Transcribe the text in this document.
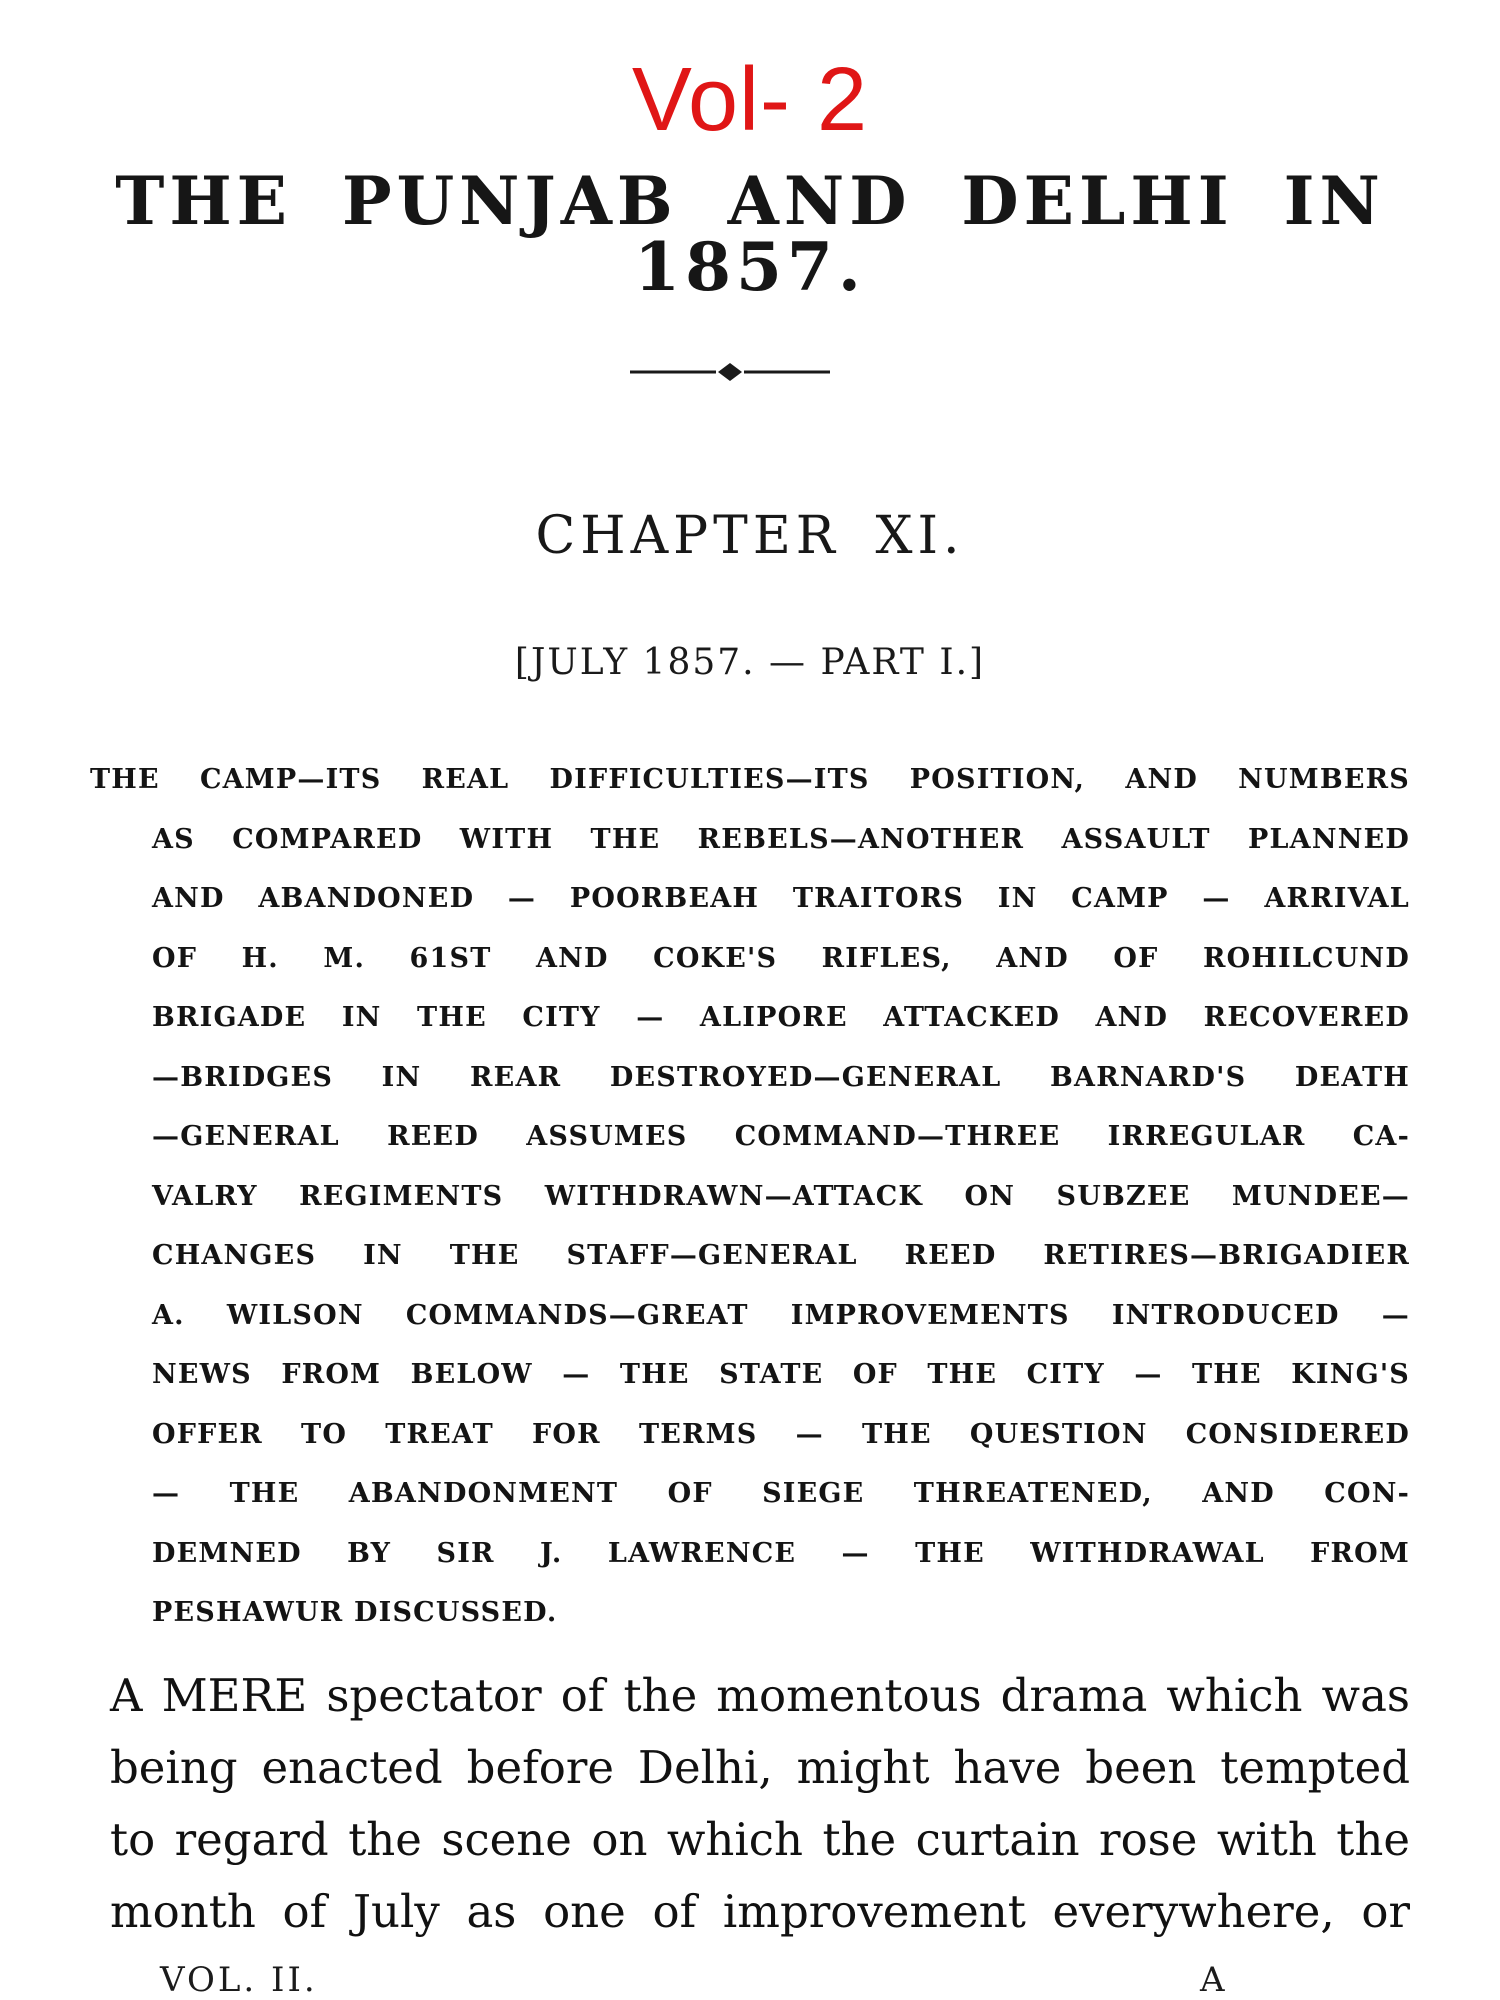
Vol- 2
THE PUNJAB AND DELHI IN 1857.
CHAPTER XI.
[JULY 1857. — PART I.]
THE CAMP—ITS REAL DIFFICULTIES—ITS POSITION, AND NUMBERS
AS COMPARED WITH THE REBELS—ANOTHER ASSAULT PLANNED
AND ABANDONED — POORBEAH TRAITORS IN CAMP — ARRIVAL
OF H. M. 61ST AND COKE'S RIFLES, AND OF ROHILCUND
BRIGADE IN THE CITY — ALIPORE ATTACKED AND RECOVERED
—BRIDGES IN REAR DESTROYED—GENERAL BARNARD'S DEATH
—GENERAL REED ASSUMES COMMAND—THREE IRREGULAR CA-
VALRY REGIMENTS WITHDRAWN—ATTACK ON SUBZEE MUNDEE—
CHANGES IN THE STAFF—GENERAL REED RETIRES—BRIGADIER
A. WILSON COMMANDS—GREAT IMPROVEMENTS INTRODUCED —
NEWS FROM BELOW — THE STATE OF THE CITY — THE KING'S
OFFER TO TREAT FOR TERMS — THE QUESTION CONSIDERED
— THE ABANDONMENT OF SIEGE THREATENED, AND CON-
DEMNED BY SIR J. LAWRENCE — THE WITHDRAWAL FROM
PESHAWUR DISCUSSED.
A MERE spectator of the momentous drama which was
being enacted before Delhi, might have been tempted
to regard the scene on which the curtain rose with the
month of July as one of improvement everywhere, or
VOL. II.	A
